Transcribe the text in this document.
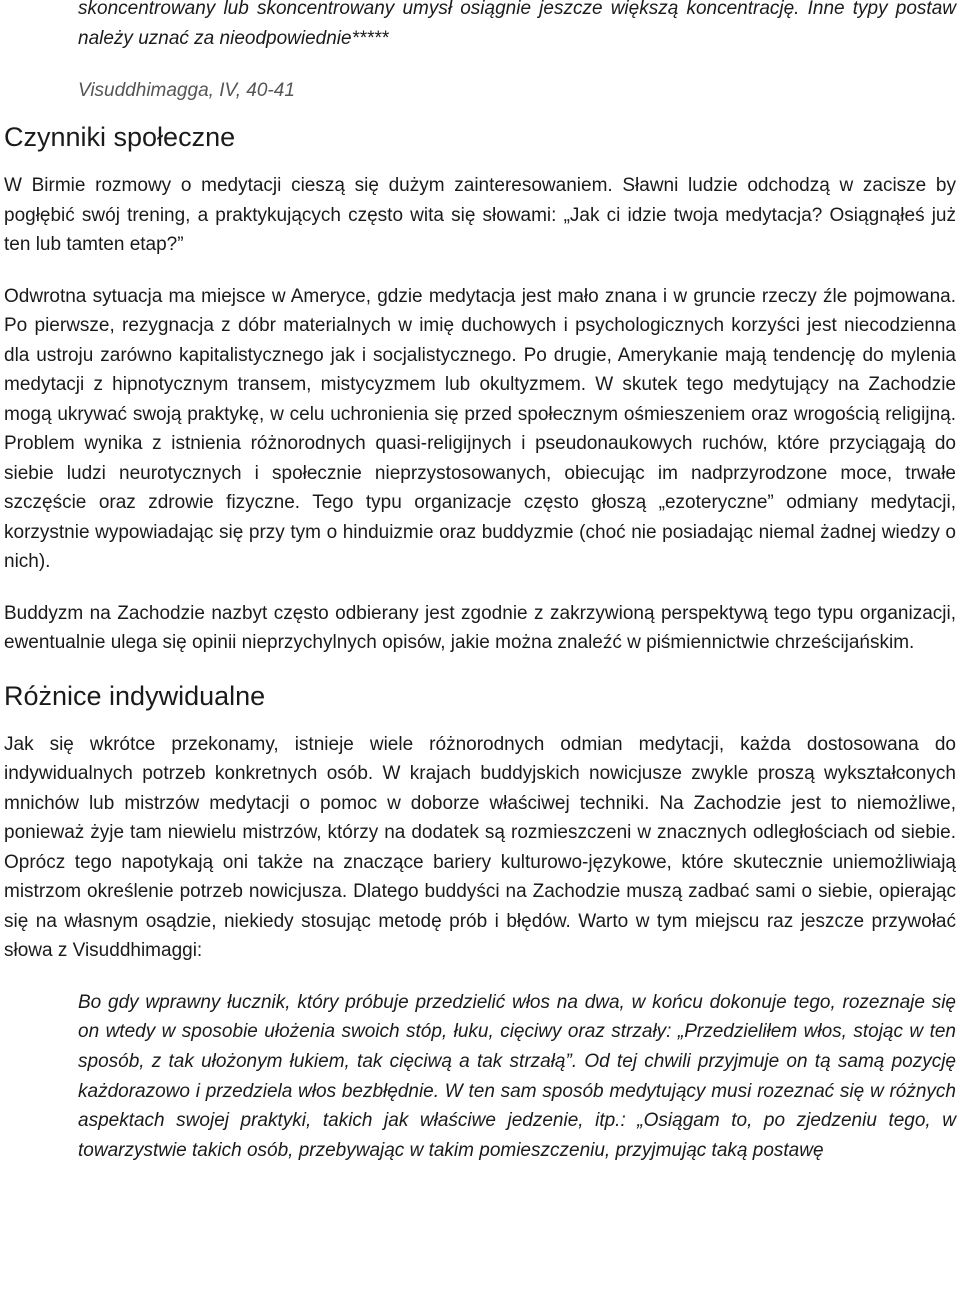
skoncentrowany lub skoncentrowany umysł osiągnie jeszcze większą koncentrację. Inne typy postaw należy uznać za nieodpowiednie*****

Visuddhimagga, IV, 40-41
Czynniki społeczne

W Birmie rozmowy o medytacji cieszą się dużym zainteresowaniem. Sławni ludzie odchodzą w zacisze by pogłębić swój trening, a praktykujących często wita się słowami: „Jak ci idzie twoja medytacja? Osiągnąłeś już ten lub tamten etap?”

Odwrotna sytuacja ma miejsce w Ameryce, gdzie medytacja jest mało znana i w gruncie rzeczy źle pojmowana. Po pierwsze, rezygnacja z dóbr materialnych w imię duchowych i psychologicznych korzyści jest niecodzienna dla ustroju zarówno kapitalistycznego jak i socjalistycznego. Po drugie, Amerykanie mają tendencję do mylenia medytacji z hipnotycznym transem, mistycyzmem lub okultyzmem. W skutek tego medytujący na Zachodzie mogą ukrywać swoją praktykę, w celu uchronienia się przed społecznym ośmieszeniem oraz wrogością religijną. Problem wynika z istnienia różnorodnych quasi-religijnych i pseudonaukowych ruchów, które przyciągają do siebie ludzi neurotycznych i społecznie nieprzystosowanych, obiecując im nadprzyrodzone moce, trwałe szczęście oraz zdrowie fizyczne. Tego typu organizacje często głoszą „ezoteryczne” odmiany medytacji, korzystnie wypowiadając się przy tym o hinduizmie oraz buddyzmie (choć nie posiadając niemal żadnej wiedzy o nich).

Buddyzm na Zachodzie nazbyt często odbierany jest zgodnie z zakrzywioną perspektywą tego typu organizacji, ewentualnie ulega się opinii nieprzychylnych opisów, jakie można znaleźć w piśmiennictwie chrześcijańskim.

Różnice indywidualne

Jak się wkrótce przekonamy, istnieje wiele różnorodnych odmian medytacji, każda dostosowana do indywidualnych potrzeb konkretnych osób. W krajach buddyjskich nowicjusze zwykle proszą wykształconych mnichów lub mistrzów medytacji o pomoc w doborze właściwej techniki. Na Zachodzie jest to niemożliwe, ponieważ żyje tam niewielu mistrzów, którzy na dodatek są rozmieszczeni w znacznych odległościach od siebie. Oprócz tego napotykają oni także na znaczące bariery kulturowo-językowe, które skutecznie uniemożliwiają mistrzom określenie potrzeb nowicjusza. Dlatego buddyści na Zachodzie muszą zadbać sami o siebie, opierając się na własnym osądzie, niekiedy stosując metodę prób i błędów. Warto w tym miejscu raz jeszcze przywołać słowa z Visuddhimaggi:

Bo gdy wprawny łucznik, który próbuje przedzielić włos na dwa, w końcu dokonuje tego, rozeznaje się on wtedy w sposobie ułożenia swoich stóp, łuku, cięciwy oraz strzały: „Przedzieliłem włos, stojąc w ten sposób, z tak ułożonym łukiem, tak cięciwą a tak strzałą”. Od tej chwili przyjmuje on tą samą pozycję każdorazowo i przedziela włos bezbłędnie. W ten sam sposób medytujący musi rozeznać się w różnych aspektach swojej praktyki, takich jak właściwe jedzenie, itp.: „Osiągam to, po zjedzeniu tego, w towarzystwie takich osób, przebywając w takim pomieszczeniu, przyjmując taką postawę
